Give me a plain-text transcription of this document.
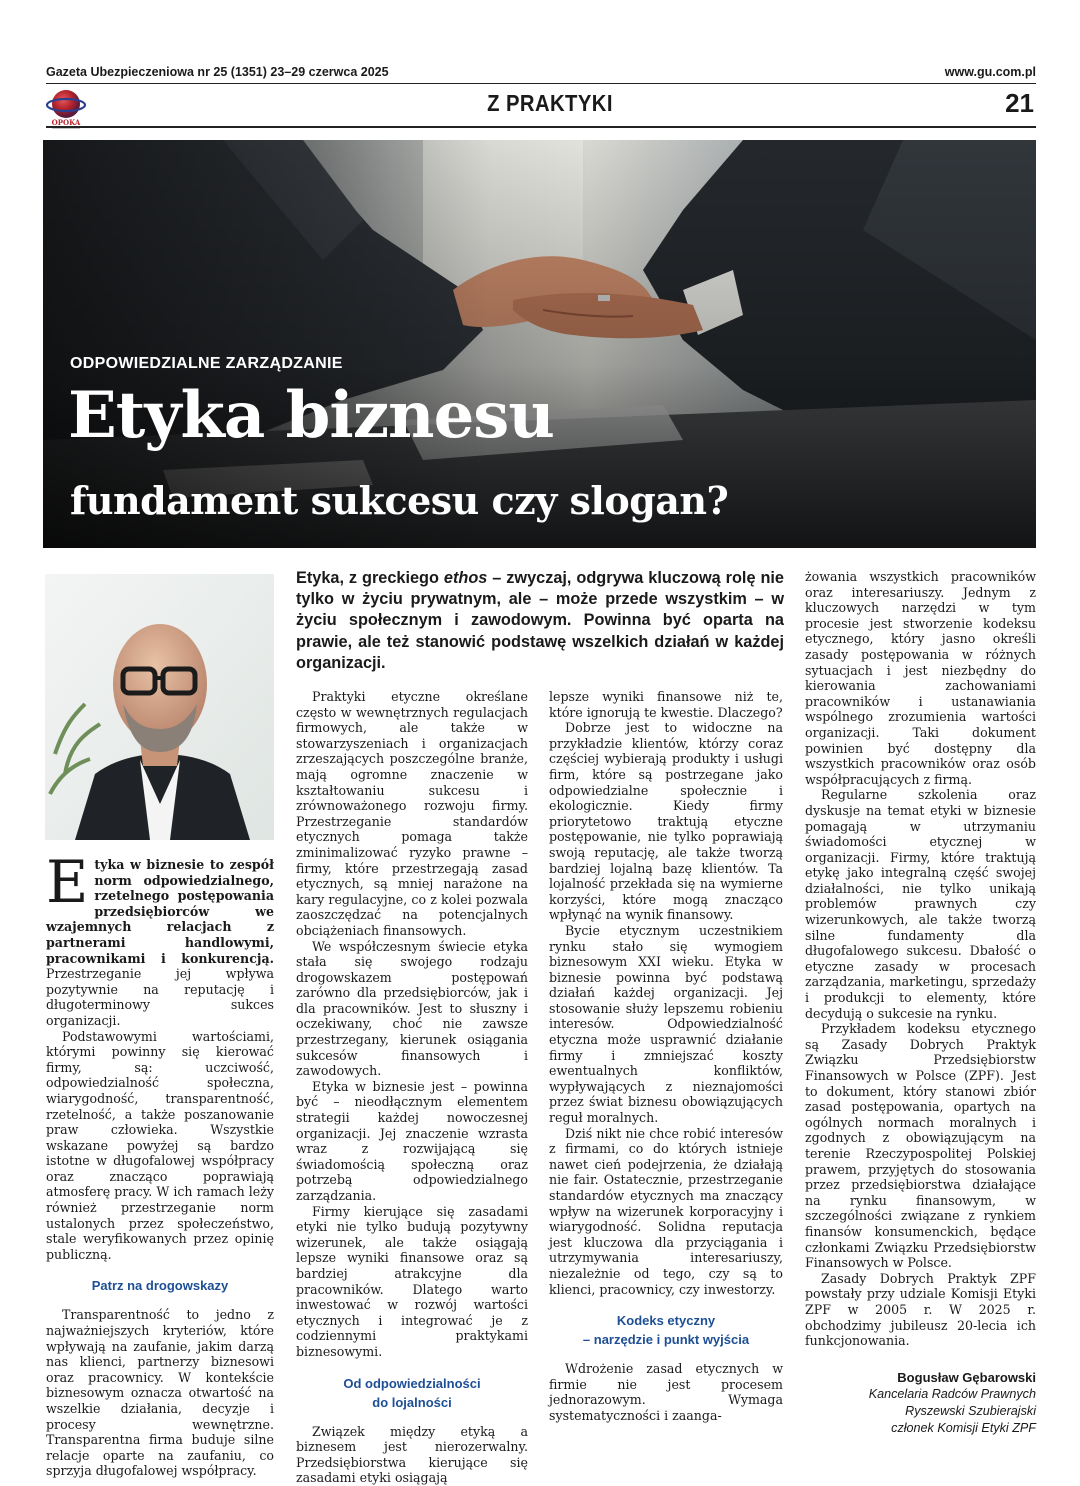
Gazeta Ubezpieczeniowa nr 25 (1351) 23–29 czerwca 2025	www.gu.com.pl
OPOKA
Z PRAKTYKI	21
ODPOWIEDZIALNE ZARZĄDZANIE
Etyka biznesu
fundament sukcesu czy slogan?
Etyka, z greckiego ethos – zwyczaj, odgrywa kluczową rolę nie tylko w życiu prywatnym, ale – może przede wszystkim – w życiu społecznym i zawodowym. Powinna być oparta na prawie, ale też stanowić podstawę wszelkich działań w każdej organizacji.

Etyka w biznesie to zespół norm odpowiedzialnego, rzetelnego postępowania przedsiębiorców we wzajemnych relacjach z partnerami handlowymi, pracownikami i konkurencją. Przestrzeganie jej wpływa pozytywnie na reputację i długoterminowy sukces organizacji.

Podstawowymi wartościami, którymi powinny się kierować firmy, są: uczciwość, odpowiedzialność społeczna, wiarygodność, transparentność, rzetelność, a także poszanowanie praw człowieka. Wszystkie wskazane powyżej są bardzo istotne w długofalowej współpracy oraz znacząco poprawiają atmosferę pracy. W ich ramach leży również przestrzeganie norm ustalonych przez społeczeństwo, stale weryfikowanych przez opinię publiczną.

Patrz na drogowskazy

Transparentność to jedno z najważniejszych kryteriów, które wpływają na zaufanie, jakim darzą nas klienci, partnerzy biznesowi oraz pracownicy. W kontekście biznesowym oznacza otwartość na wszelkie działania, decyzje i procesy wewnętrzne. Transparentna firma buduje silne relacje oparte na zaufaniu, co sprzyja długofalowej współpracy.

Praktyki etyczne określane często w wewnętrznych regulacjach firmowych, ale także w stowarzyszeniach i organizacjach zrzeszających poszczególne branże, mają ogromne znaczenie w kształtowaniu sukcesu i zrównoważonego rozwoju firmy. Przestrzeganie standardów etycznych pomaga także zminimalizować ryzyko prawne – firmy, które przestrzegają zasad etycznych, są mniej narażone na kary regulacyjne, co z kolei pozwala zaoszczędzać na potencjalnych obciążeniach finansowych.

We współczesnym świecie etyka stała się swojego rodzaju drogowskazem postępowań zarówno dla przedsiębiorców, jak i dla pracowników. Jest to słuszny i oczekiwany, choć nie zawsze przestrzegany, kierunek osiągania sukcesów finansowych i zawodowych.

Etyka w biznesie jest – powinna być – nieodłącznym elementem strategii każdej nowoczesnej organizacji. Jej znaczenie wzrasta wraz z rozwijającą się świadomością społeczną oraz potrzebą odpowiedzialnego zarządzania.

Firmy kierujące się zasadami etyki nie tylko budują pozytywny wizerunek, ale także osiągają lepsze wyniki finansowe oraz są bardziej atrakcyjne dla pracowników. Dlatego warto inwestować w rozwój wartości etycznych i integrować je z codziennymi praktykami biznesowymi.

Od odpowiedzialności
do lojalności

Związek między etyką a biznesem jest nierozerwalny. Przedsiębiorstwa kierujące się zasadami etyki osiągają

lepsze wyniki finansowe niż te, które ignorują te kwestie. Dlaczego?

Dobrze jest to widoczne na przykładzie klientów, którzy coraz częściej wybierają produkty i usługi firm, które są postrzegane jako odpowiedzialne społecznie i ekologicznie. Kiedy firmy priorytetowo traktują etyczne postępowanie, nie tylko poprawiają swoją reputację, ale także tworzą bardziej lojalną bazę klientów. Ta lojalność przekłada się na wymierne korzyści, które mogą znacząco wpłynąć na wynik finansowy.

Bycie etycznym uczestnikiem rynku stało się wymogiem biznesowym XXI wieku. Etyka w biznesie powinna być podstawą działań każdej organizacji. Jej stosowanie służy lepszemu robieniu interesów. Odpowiedzialność etyczna może usprawnić działanie firmy i zmniejszać koszty ewentualnych konfliktów, wypływających z nieznajomości przez świat biznesu obowiązujących reguł moralnych.

Dziś nikt nie chce robić interesów z firmami, co do których istnieje nawet cień podejrzenia, że działają nie fair. Ostatecznie, przestrzeganie standardów etycznych ma znaczący wpływ na wizerunek korporacyjny i wiarygodność. Solidna reputacja jest kluczowa dla przyciągania i utrzymywania interesariuszy, niezależnie od tego, czy są to klienci, pracownicy, czy inwestorzy.

Kodeks etyczny
– narzędzie i punkt wyjścia

Wdrożenie zasad etycznych w firmie nie jest procesem jednorazowym. Wymaga systematyczności i zaanga-

żowania wszystkich pracowników oraz interesariuszy. Jednym z kluczowych narzędzi w tym procesie jest stworzenie kodeksu etycznego, który jasno określi zasady postępowania w różnych sytuacjach i jest niezbędny do kierowania zachowaniami pracowników i ustanawiania wspólnego zrozumienia wartości organizacji. Taki dokument powinien być dostępny dla wszystkich pracowników oraz osób współpracujących z firmą.

Regularne szkolenia oraz dyskusje na temat etyki w biznesie pomagają w utrzymaniu świadomości etycznej w organizacji. Firmy, które traktują etykę jako integralną część swojej działalności, nie tylko unikają problemów prawnych czy wizerunkowych, ale także tworzą silne fundamenty dla długofalowego sukcesu. Dbałość o etyczne zasady w procesach zarządzania, marketingu, sprzedaży i produkcji to elementy, które decydują o sukcesie na rynku.

Przykładem kodeksu etycznego są Zasady Dobrych Praktyk Związku Przedsiębiorstw Finansowych w Polsce (ZPF). Jest to dokument, który stanowi zbiór zasad postępowania, opartych na ogólnych normach moralnych i zgodnych z obowiązującym na terenie Rzeczypospolitej Polskiej prawem, przyjętych do stosowania przez przedsiębiorstwa działające na rynku finansowym, w szczególności związane z rynkiem finansów konsumenckich, będące członkami Związku Przedsiębiorstw Finansowych w Polsce.

Zasady Dobrych Praktyk ZPF powstały przy udziale Komisji Etyki ZPF w 2005 r. W 2025 r. obchodzimy jubileusz 20-lecia ich funkcjonowania.

Bogusław Gębarowski
Kancelaria Radców Prawnych
Ryszewski Szubierajski
członek Komisji Etyki ZPF
